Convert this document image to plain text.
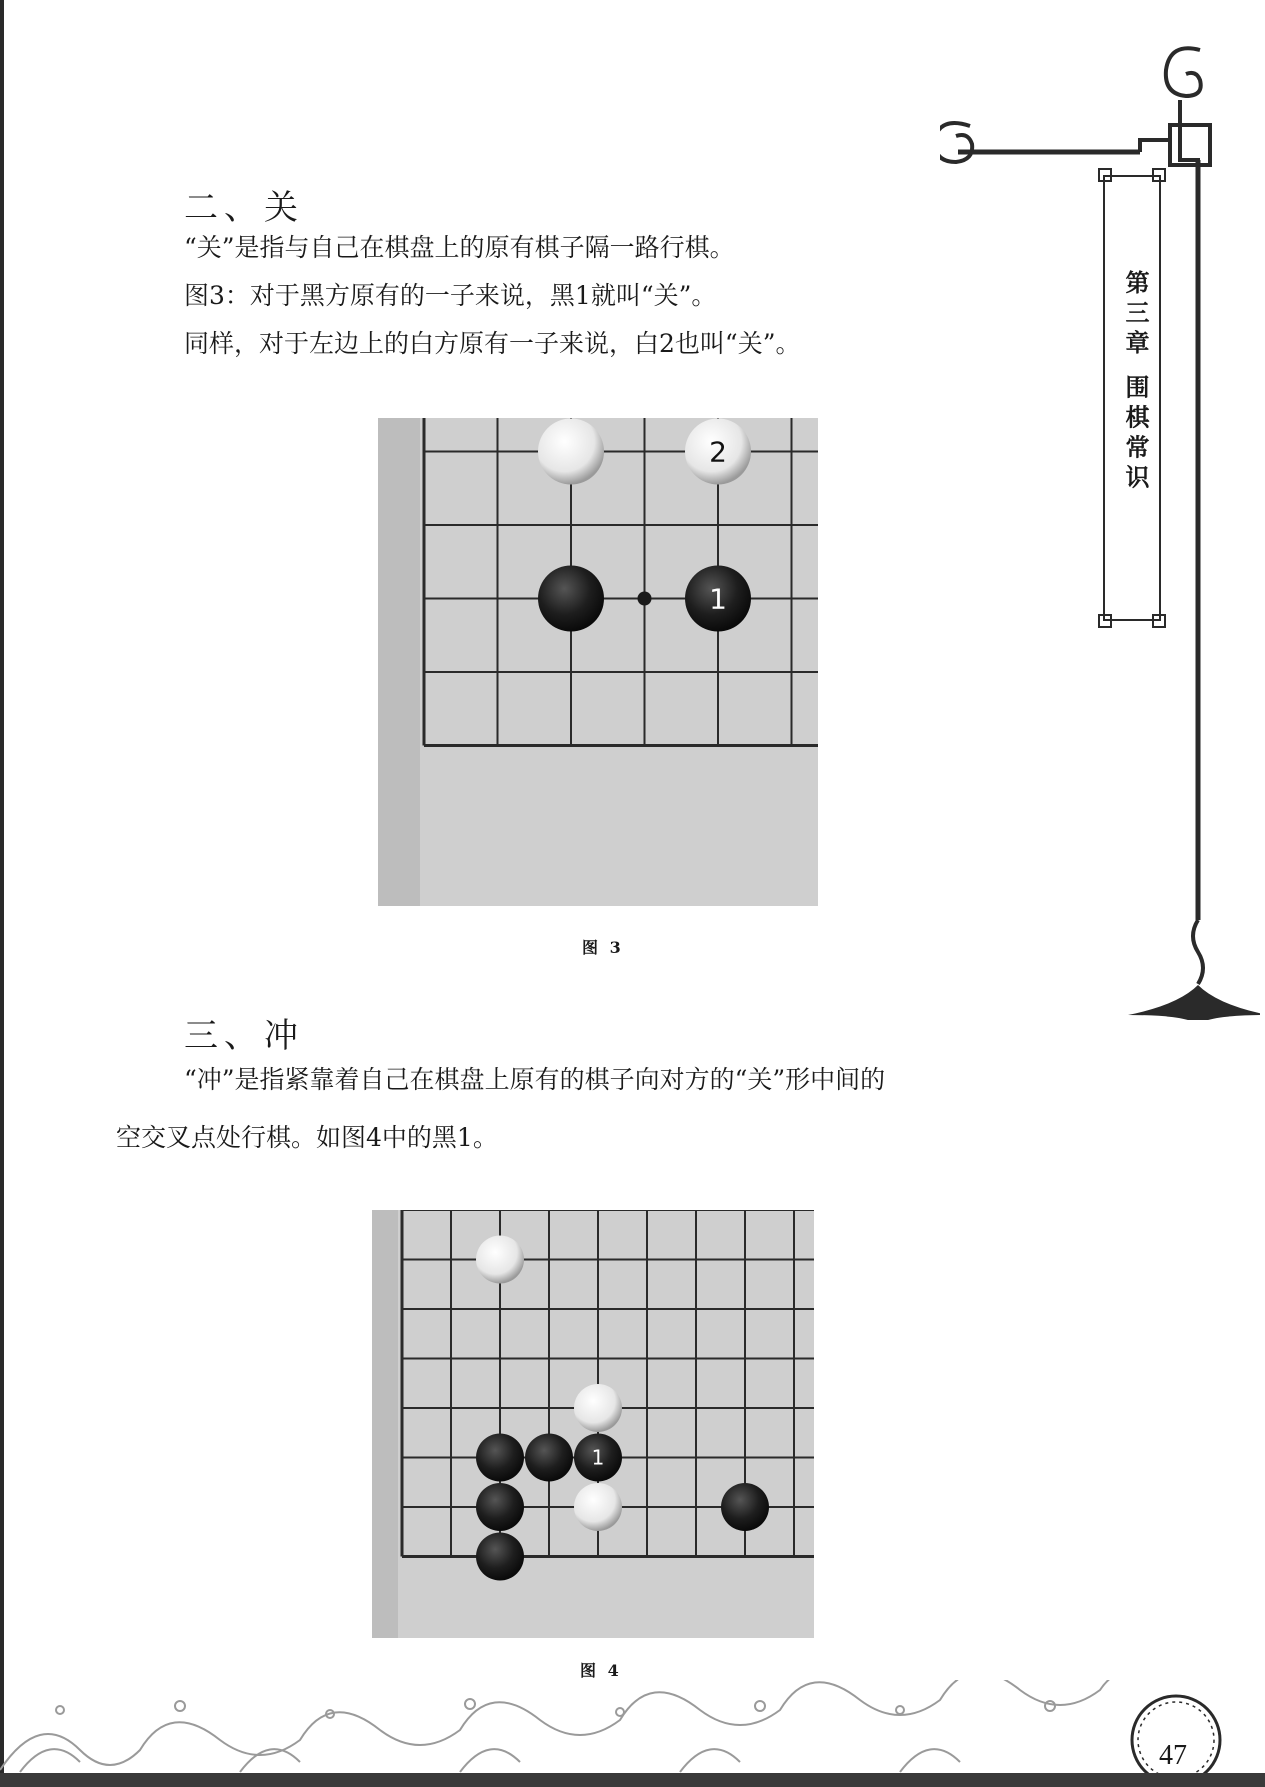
二、关

“关”是指与自己在棋盘上的原有棋子隔一路行棋。

图3：对于黑方原有的一子来说，黑1就叫“关”。

同样，对于左边上的白方原有一子来说，白2也叫“关”。

2
1

图 3

三、冲

“冲”是指紧靠着自己在棋盘上原有的棋子向对方的“关”形中间的

空交叉点处行棋。如图4中的黑1。

1

图 4

第三章 围棋常识
47
